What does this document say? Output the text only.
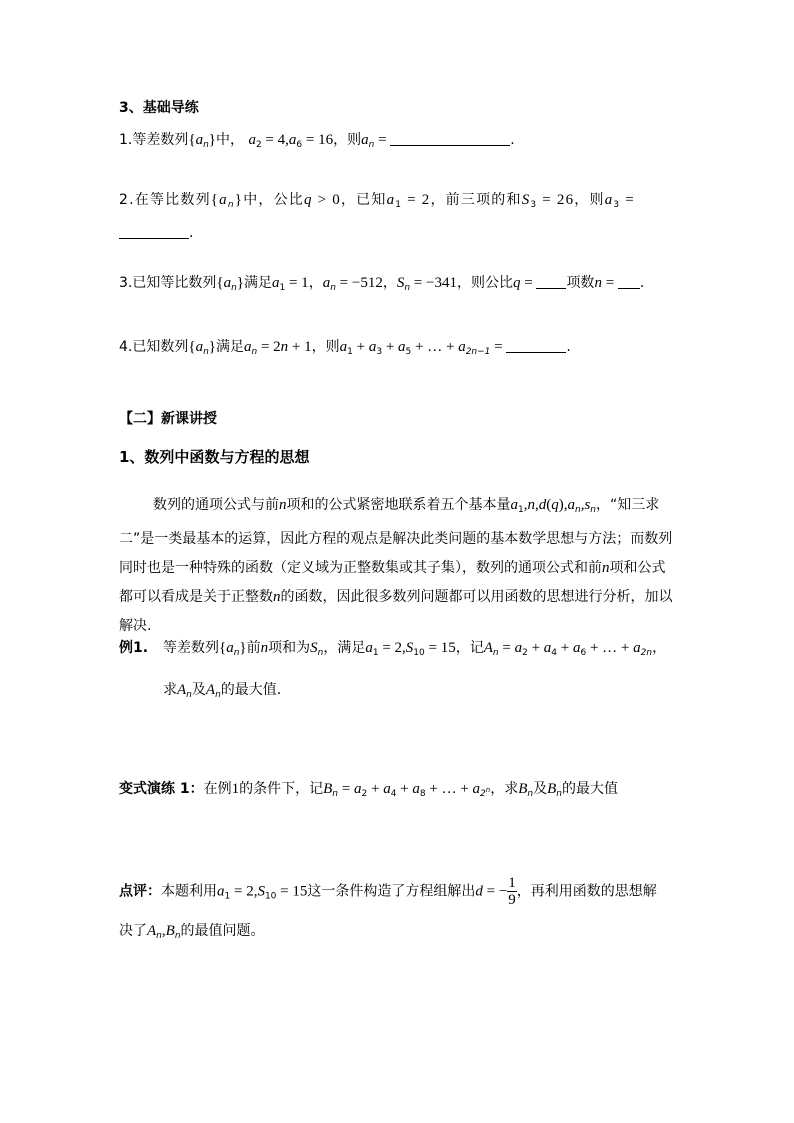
3、基础导练
1.等差数列$\{a_n\}$中， $a_2 = 4,a_6 = 16$，则$a_n$ =	.
2.在等比数列$\{a_n\}$中，公比q > 0，已知$a_1 = 2$，前三项的和$S_3 = 26$，则$a_3$ =
.
3.已知等比数列$\{a_n\}$满足$a_1 = 1$，$a_n = -512$，$S_n = -341$，则公比q = 项数n = .
4.已知数列$\{a_n\}$满足$a_n = 2n + 1$，则$a_1 + a_3 + a_5$ + … + $a_{2n-1}$ =	.
【二】新课讲授
1、数列中函数与方程的思想
数列的通项公式与前n项和的公式紧密地联系着五个基本量$a_1,n,d(q),a_n,s_n$，“知三求二”是一类最基本的运算，因此方程的观点是解决此类问题的基本数学思想与方法；而数列同时也是一种特殊的函数（定义域为正整数集或其子集），数列的通项公式和前n项和公式都可以看成是关于正整数n的函数，因此很多数列问题都可以用函数的思想进行分析，加以解决.
例1. 等差数列$\{a_n\}$前n项和为$S_n$，满足$a_1 = 2,S_{10} = 15$，记$A_n = a_2 + a_4 + a_6$ + … + $a_{2n}$，
求$A_n$及$A_n$的最大值.
变式演练 1：在例1的条件下，记$B_n = a_2 + a_4 + a_8$ + … + $a_{2^n}$，求$B_n$及$B_n$的最大值
点评：本题利用$a_1 = 2,S_{10} = 15$这一条件构造了方程组解出d = − $\frac{1}{9}$ ，再利用函数的思想解
决了$A_n,B_n$的最值问题。
